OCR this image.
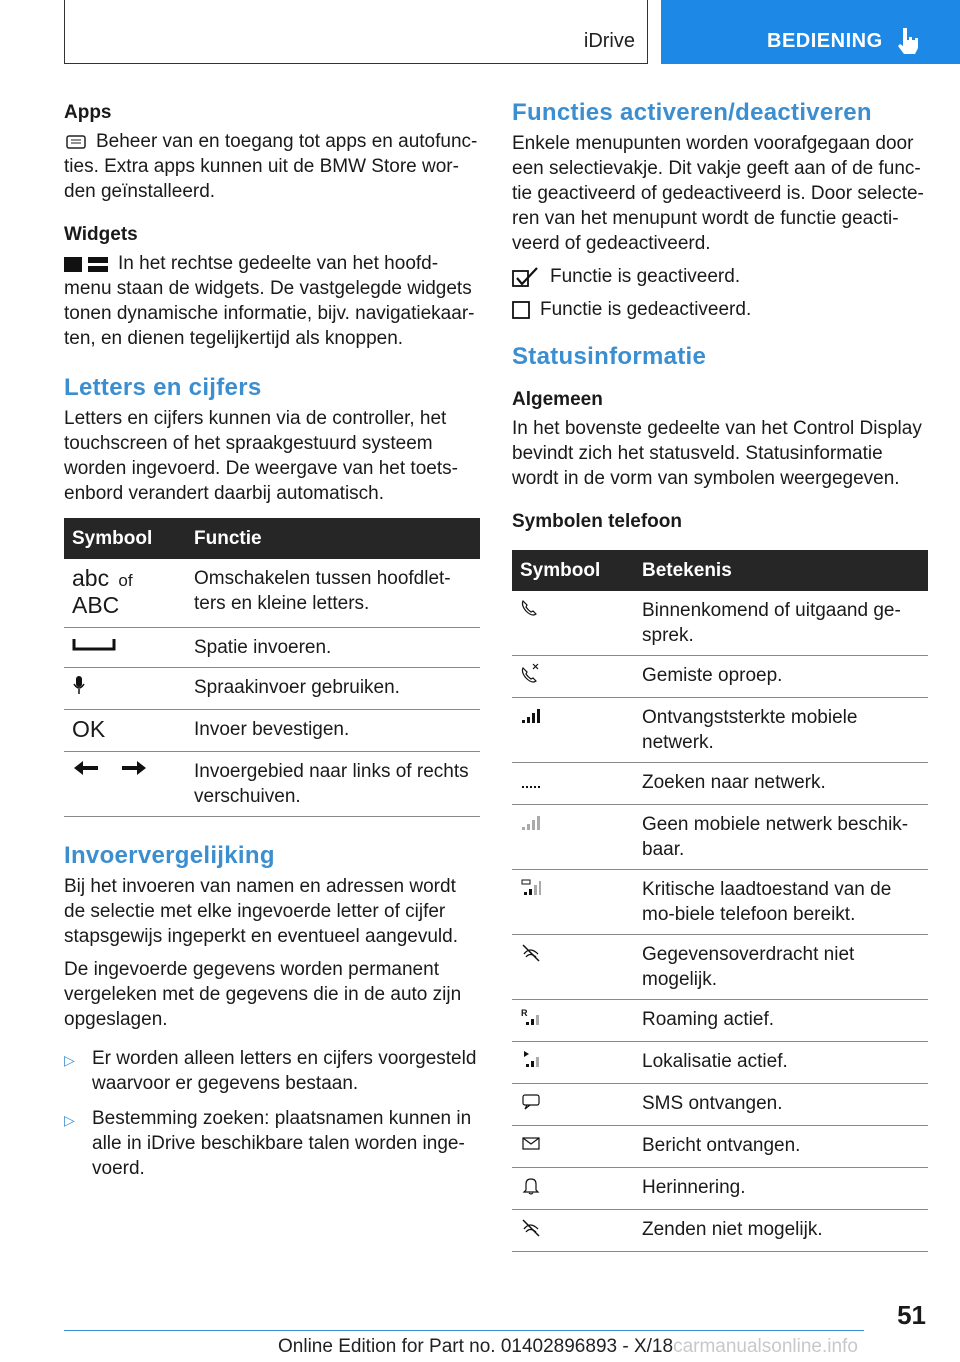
iDrive	BEDIENING
Apps

Beheer van en toegang tot apps en autofunc-ties. Extra apps kunnen uit de BMW Store wor-den geïnstalleerd.

Widgets

In het rechtse gedeelte van het hoofd-menu staan de widgets. De vastgelegde widgets tonen dynamische informatie, bijv. navigatiekaar-ten, en dienen tegelijkertijd als knoppen.

Letters en cijfers

Letters en cijfers kunnen via de controller, het touchscreen of het spraakgestuurd systeem worden ingevoerd. De weergave van het toets-enbord verandert daarbij automatisch.

Symbool	Functie
abc of
ABC	Omschakelen tussen hoofdlet-ters en kleine letters.
	Spatie invoeren.
	Spraakinvoer gebruiken.
OK	Invoer bevestigen.
	Invoergebied naar links of rechts verschuiven.
Invoervergelijking

Bij het invoeren van namen en adressen wordt de selectie met elke ingevoerde letter of cijfer stapsgewijs ingeperkt en eventueel aangevuld.

De ingevoerde gegevens worden permanent vergeleken met de gegevens die in de auto zijn opgeslagen.

▷ Er worden alleen letters en cijfers voorgesteld waarvoor er gegevens bestaan.
▷ Bestemming zoeken: plaatsnamen kunnen in alle in iDrive beschikbare talen worden inge-voerd.
Functies activeren/deactiveren

Enkele menupunten worden voorafgegaan door een selectievakje. Dit vakje geeft aan of de func-tie geactiveerd of gedeactiveerd is. Door selecte-ren van het menupunt wordt de functie geacti-veerd of gedeactiveerd.

Functie is geactiveerd.

Functie is gedeactiveerd.

Statusinformatie
Algemeen

In het bovenste gedeelte van het Control Display bevindt zich het statusveld. Statusinformatie wordt in de vorm van symbolen weergegeven.

Symbolen telefoon
Symbool	Betekenis
	Binnenkomend of uitgaand ge-sprek.
	Gemiste oproep.
	Ontvangststerkte mobiele netwerk.
	Zoeken naar netwerk.
	Geen mobiele netwerk beschik-baar.
	Kritische laadtoestand van de mo-biele telefoon bereikt.
	Gegevensoverdracht niet mogelijk.

R	Roaming actief.
	Lokalisatie actief.
	SMS ontvangen.
	Bericht ontvangen.
	Herinnering.
	Zenden niet mogelijk.
51
Online Edition for Part no. 01402896893 - X/18carmanualsonline.info
